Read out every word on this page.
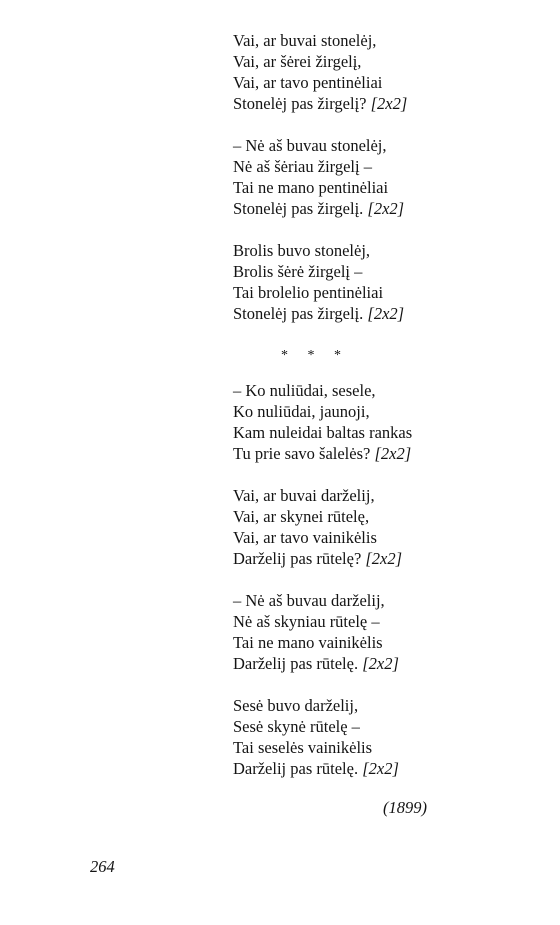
Vai, ar buvai stonelėj,
Vai, ar šėrei žirgelį,
Vai, ar tavo pentinėliai
Stonelėj pas žirgelį? [2x2]
– Nė aš buvau stonelėj,
Nė aš šėriau žirgelį –
Tai ne mano pentinėliai
Stonelėj pas žirgelį. [2x2]
Brolis buvo stonelėj,
Brolis šėrė žirgelį –
Tai brolelio pentinėliai
Stonelėj pas žirgelį. [2x2]
* * *
– Ko nuliūdai, sesele,
Ko nuliūdai, jaunoji,
Kam nuleidai baltas rankas
Tu prie savo šalelės? [2x2]
Vai, ar buvai darželij,
Vai, ar skynei rūtelę,
Vai, ar tavo vainikėlis
Darželij pas rūtelę? [2x2]
– Nė aš buvau darželij,
Nė aš skyniau rūtelę –
Tai ne mano vainikėlis
Darželij pas rūtelę. [2x2]
Sesė buvo darželij,
Sesė skynė rūtelę –
Tai seselės vainikėlis
Darželij pas rūtelę. [2x2]
(1899)
264
